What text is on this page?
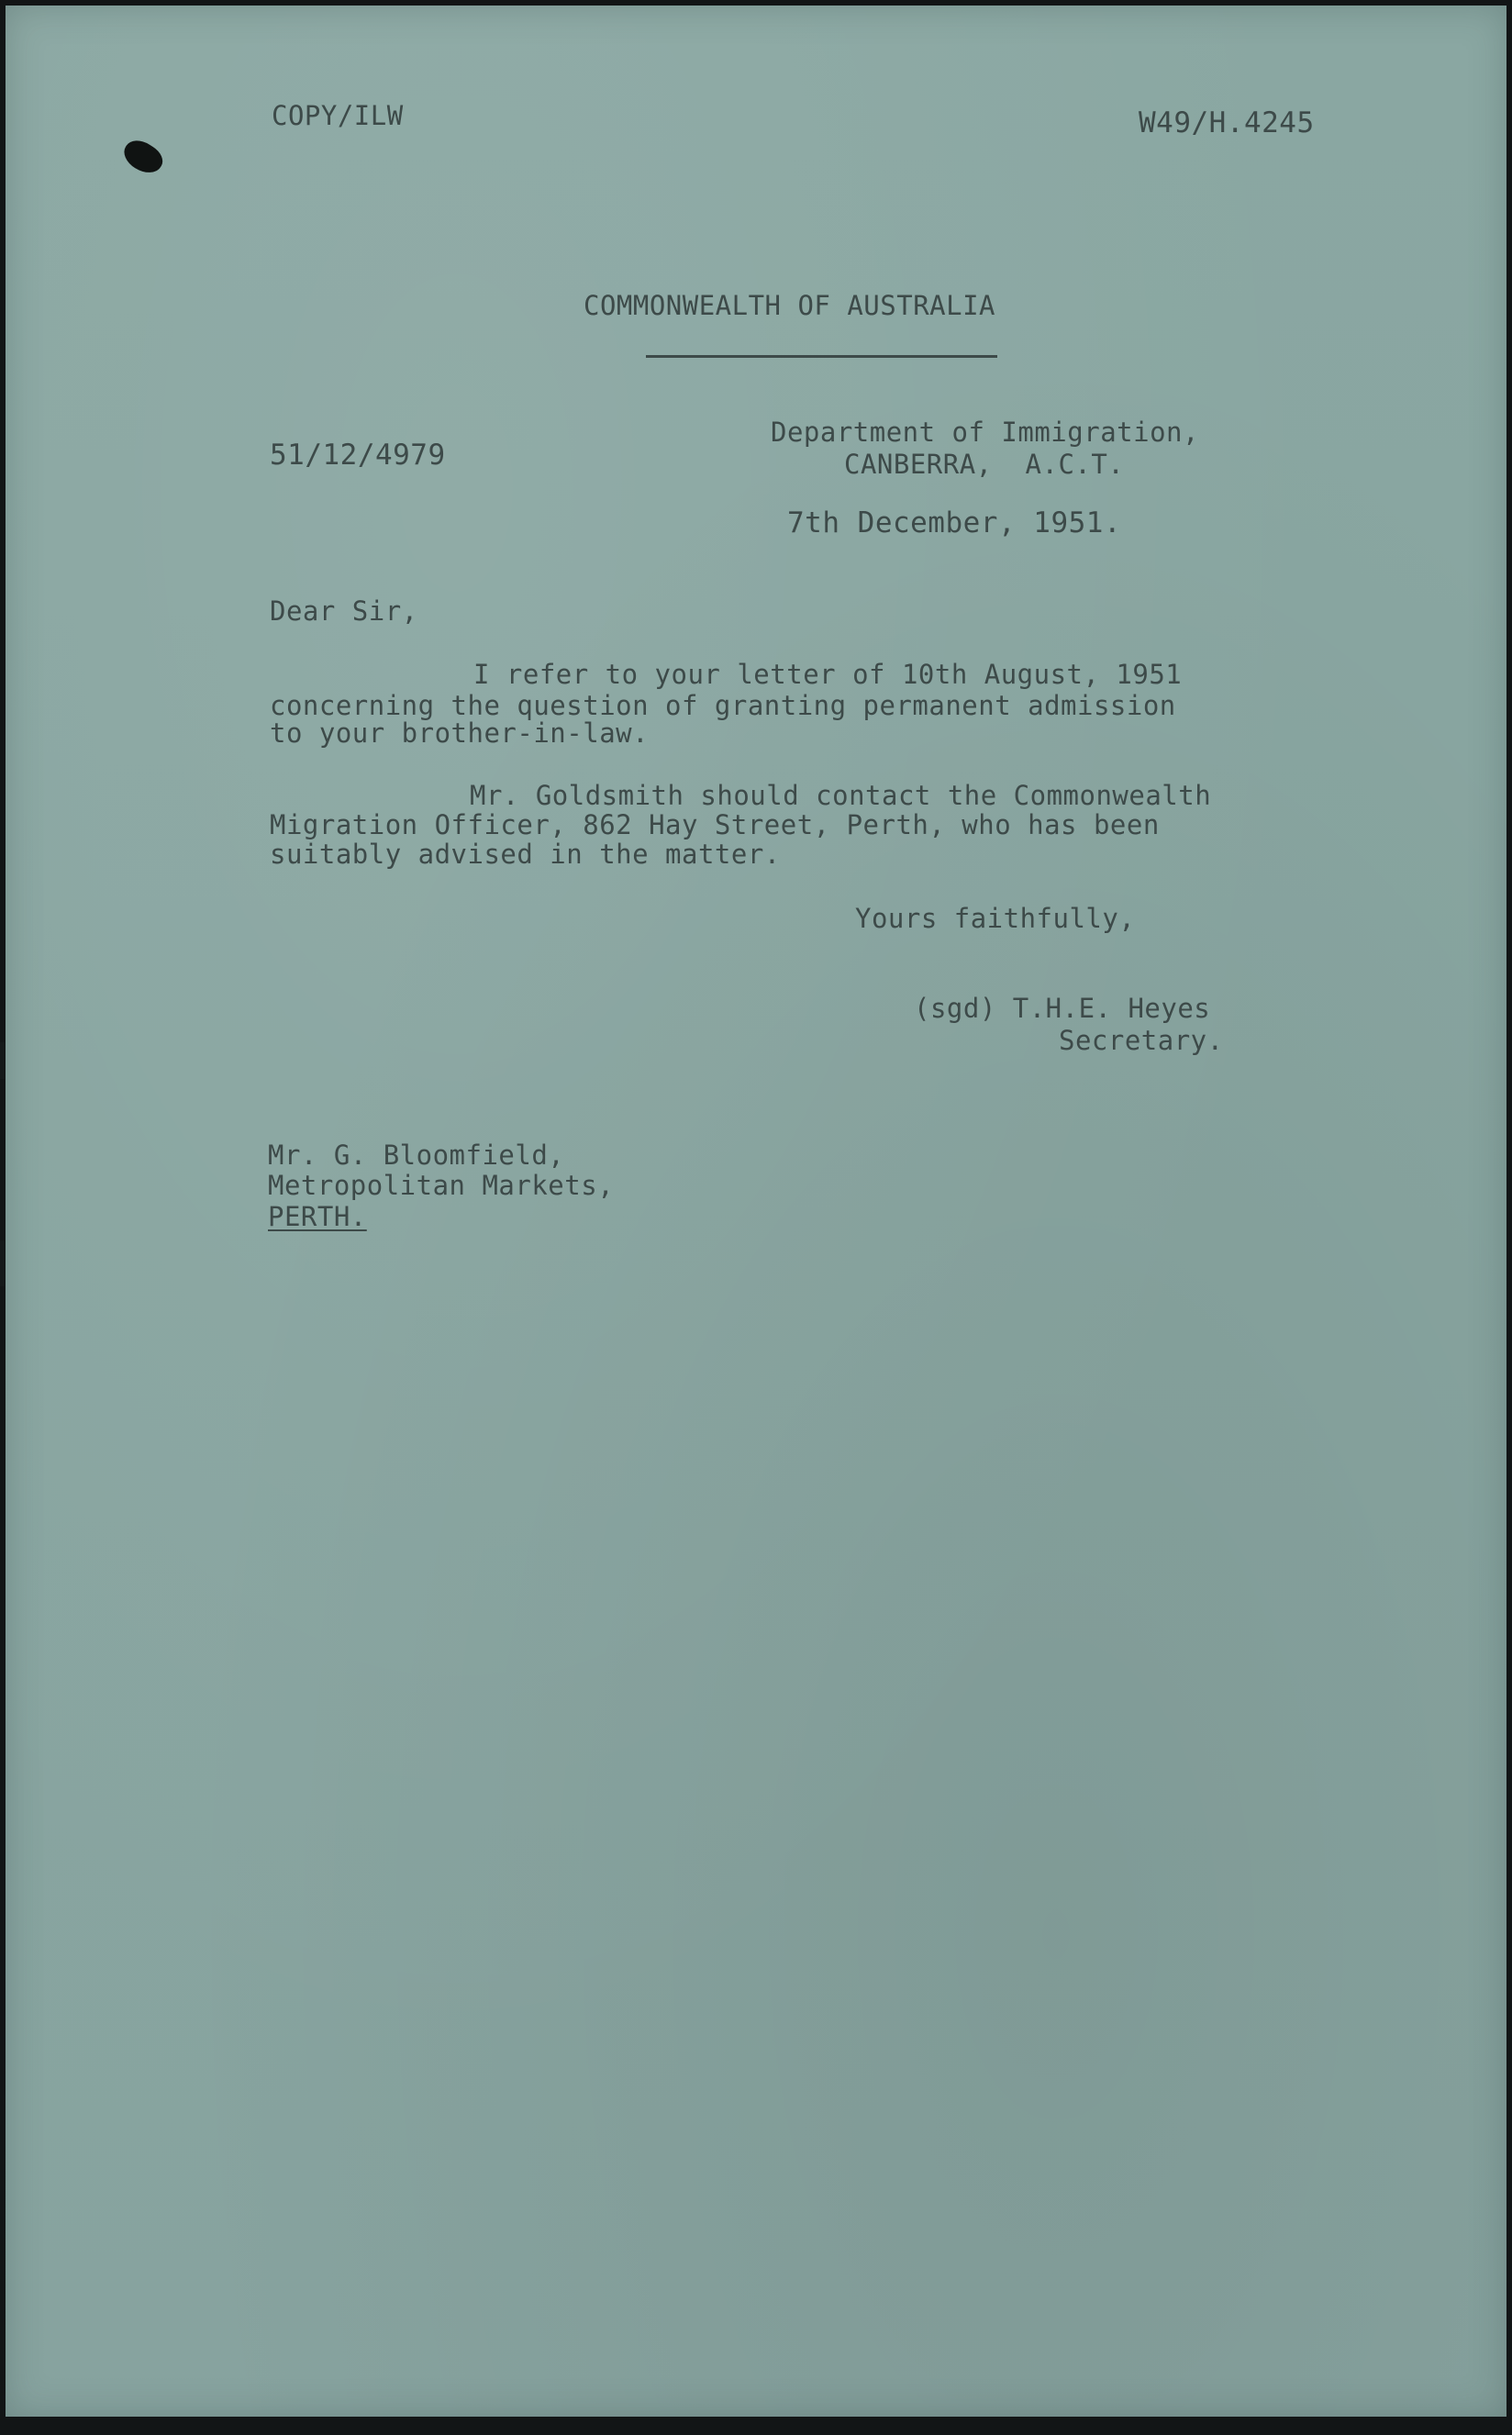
COPY/ILW	W49/H.4245
COMMONWEALTH OF AUSTRALIA
51/12/4979
Department of Immigration,
CANBERRA,  A.C.T.
7th December, 1951.
Dear Sir,
I refer to your letter of 10th August, 1951
concerning the question of granting permanent admission
to your brother-in-law.
Mr. Goldsmith should contact the Commonwealth
Migration Officer, 862 Hay Street, Perth, who has been
suitably advised in the matter.
Yours faithfully,
(sgd) T.H.E. Heyes
Secretary.
Mr. G. Bloomfield,
Metropolitan Markets,
PERTH.
